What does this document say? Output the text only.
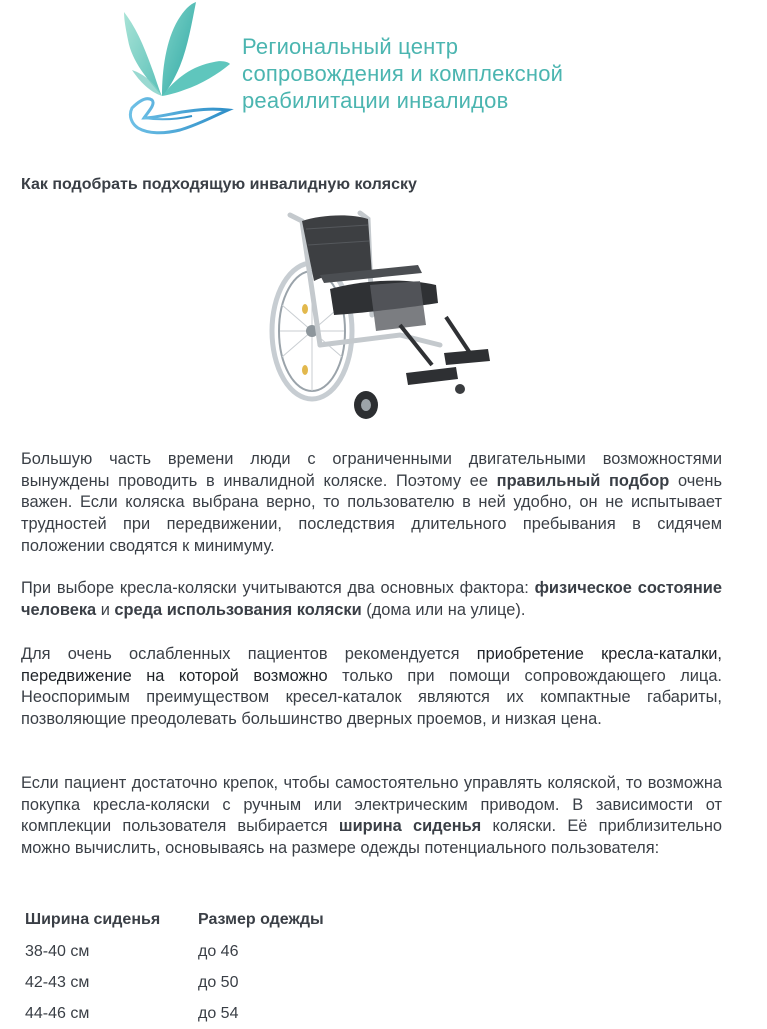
Региональный центр
сопровождения и комплексной
реабилитации инвалидов
Как подобрать подходящую инвалидную коляску
Большую часть времени люди с ограниченными двигательными возможностями вынуждены проводить в инвалидной коляске. Поэтому ее правильный подбор очень важен. Если коляска выбрана верно, то пользователю в ней удобно, он не испытывает трудностей при передвижении, последствия длительного пребывания в сидячем положении сводятся к минимуму.
При выборе кресла-коляски учитываются два основных фактора: физическое состояние человека и среда использования коляски (дома или на улице).
Для очень ослабленных пациентов рекомендуется приобретение кресла-каталки, передвижение на которой возможно только при помощи сопровождающего лица. Неоспоримым преимуществом кресел-каталок являются их компактные габариты, позволяющие преодолевать большинство дверных проемов, и низкая цена.
Если пациент достаточно крепок, чтобы самостоятельно управлять коляской, то возможна покупка кресла-коляски с ручным или электрическим приводом. В зависимости от комплекции пользователя выбирается ширина сиденья коляски. Её приблизительно можно вычислить, основываясь на размере одежды потенциального пользователя:
Ширина сиденья	Размер одежды
38-40 см	до 46
42-43 см	до 50
44-46 см	до 54
